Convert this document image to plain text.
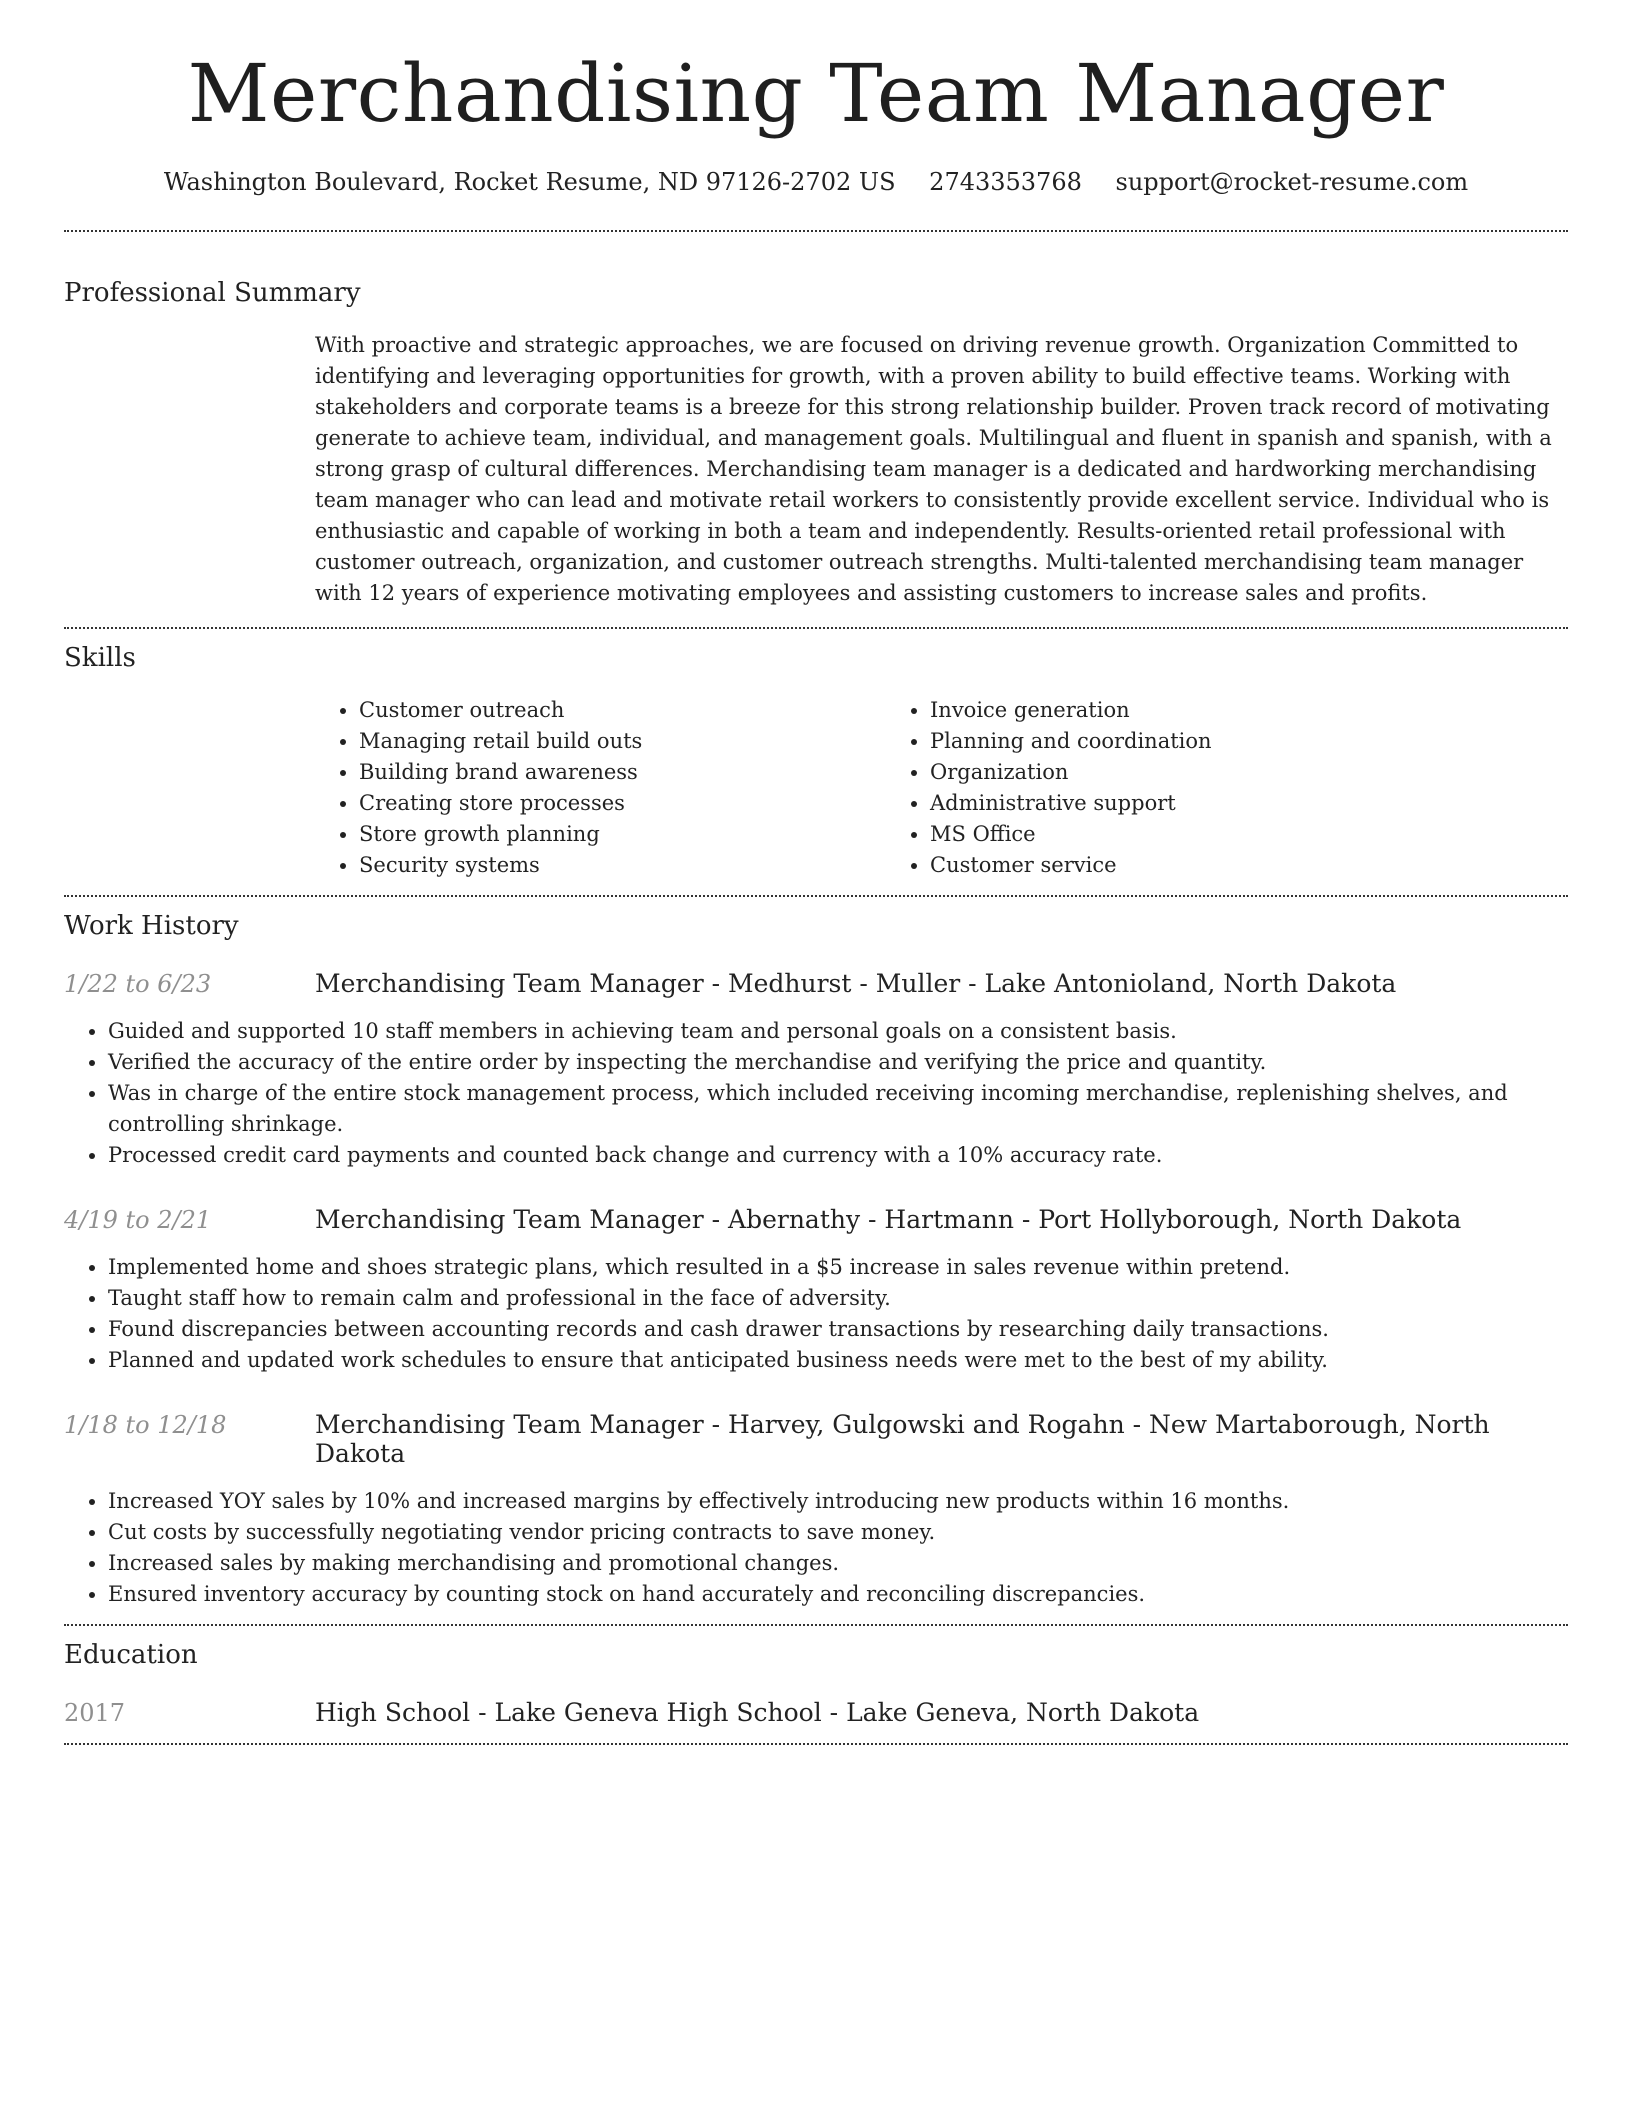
Merchandising Team Manager
Washington Boulevard, Rocket Resume, ND 97126-2702 US 2743353768 support@rocket-resume.com
Professional Summary
With proactive and strategic approaches, we are focused on driving revenue growth. Organization Committed to identifying and leveraging opportunities for growth, with a proven ability to build effective teams. Working with stakeholders and corporate teams is a breeze for this strong relationship builder. Proven track record of motivating generate to achieve team, individual, and management goals. Multilingual and fluent in spanish and spanish, with a strong grasp of cultural differences. Merchandising team manager is a dedicated and hardworking merchandising team manager who can lead and motivate retail workers to consistently provide excellent service. Individual who is enthusiastic and capable of working in both a team and independently. Results-oriented retail professional with customer outreach, organization, and customer outreach strengths. Multi-talented merchandising team manager with 12 years of experience motivating employees and assisting customers to increase sales and profits.
Skills
• Customer outreach
• Managing retail build outs
• Building brand awareness
• Creating store processes
• Store growth planning
• Security systems
• Invoice generation
• Planning and coordination
• Organization
• Administrative support
• MS Office
• Customer service
Work History
1/22 to 6/23	Merchandising Team Manager - Medhurst - Muller - Lake Antonioland, North Dakota
• Guided and supported 10 staff members in achieving team and personal goals on a consistent basis.
• Verified the accuracy of the entire order by inspecting the merchandise and verifying the price and quantity.
• Was in charge of the entire stock management process, which included receiving incoming merchandise, replenishing shelves, and controlling shrinkage.
• Processed credit card payments and counted back change and currency with a 10% accuracy rate.
4/19 to 2/21	Merchandising Team Manager - Abernathy - Hartmann - Port Hollyborough, North Dakota
• Implemented home and shoes strategic plans, which resulted in a $5 increase in sales revenue within pretend.
• Taught staff how to remain calm and professional in the face of adversity.
• Found discrepancies between accounting records and cash drawer transactions by researching daily transactions.
• Planned and updated work schedules to ensure that anticipated business needs were met to the best of my ability.
1/18 to 12/18	Merchandising Team Manager - Harvey, Gulgowski and Rogahn - New Martaborough, North Dakota
• Increased YOY sales by 10% and increased margins by effectively introducing new products within 16 months.
• Cut costs by successfully negotiating vendor pricing contracts to save money.
• Increased sales by making merchandising and promotional changes.
• Ensured inventory accuracy by counting stock on hand accurately and reconciling discrepancies.
Education
2017	High School - Lake Geneva High School - Lake Geneva, North Dakota
